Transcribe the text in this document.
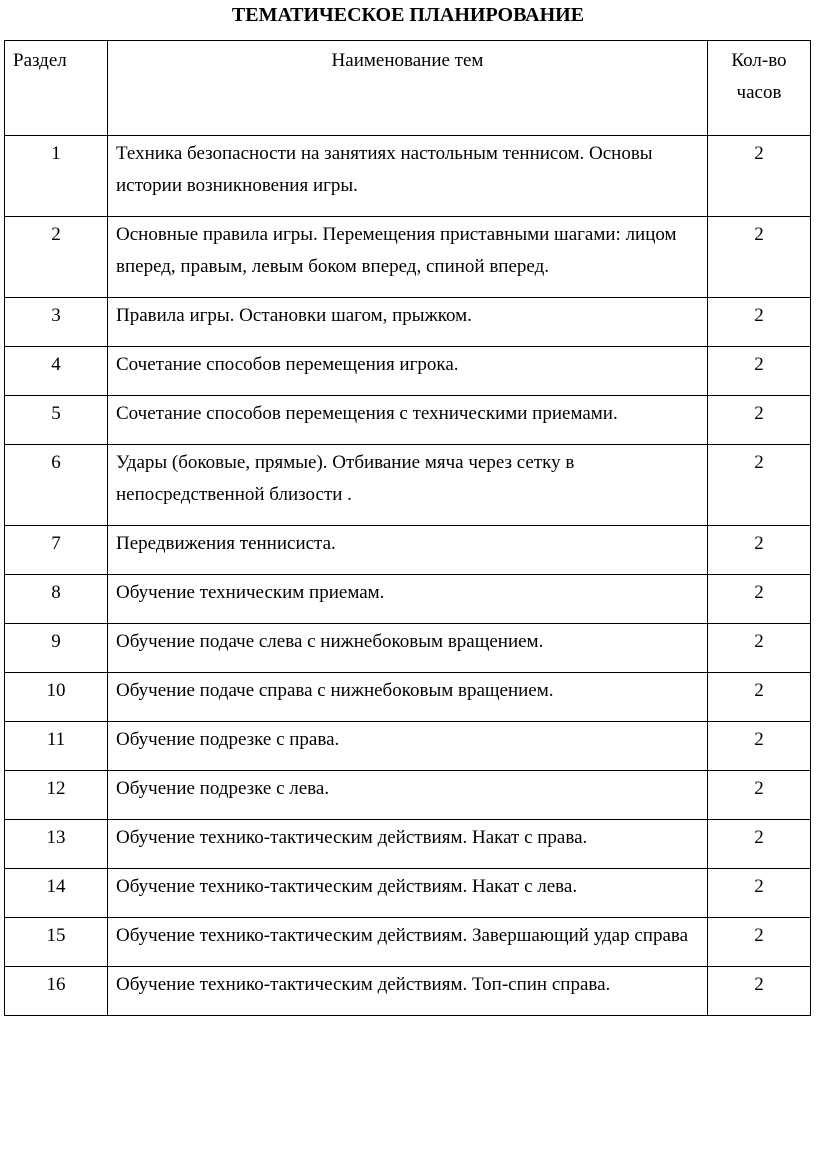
ТЕМАТИЧЕСКОЕ ПЛАНИРОВАНИЕ
Раздел	Наименование тем	Кол-во часов
1	Техника безопасности на занятиях настольным теннисом. Основы истории возникновения игры.	2
2	Основные правила игры. Перемещения приставными шагами: лицом вперед, правым, левым боком вперед, спиной вперед.	2
3	Правила игры. Остановки шагом, прыжком.	2
4	Сочетание способов перемещения игрока.	2
5	Сочетание способов перемещения с техническими приемами.	2
6	Удары (боковые, прямые). Отбивание мяча через сетку в непосредственной близости .	2
7	Передвижения теннисиста.	2
8	Обучение техническим приемам.	2
9	Обучение подаче слева с нижнебоковым вращением.	2
10	Обучение подаче справа с нижнебоковым вращением.	2
11	Обучение подрезке с права.	2
12	Обучение подрезке с лева.	2
13	Обучение технико-тактическим действиям. Накат с права.	2
14	Обучение технико-тактическим действиям. Накат с лева.	2
15	Обучение технико-тактическим действиям. Завершающий удар справа	2
16	Обучение технико-тактическим действиям. Топ-спин справа.	2
